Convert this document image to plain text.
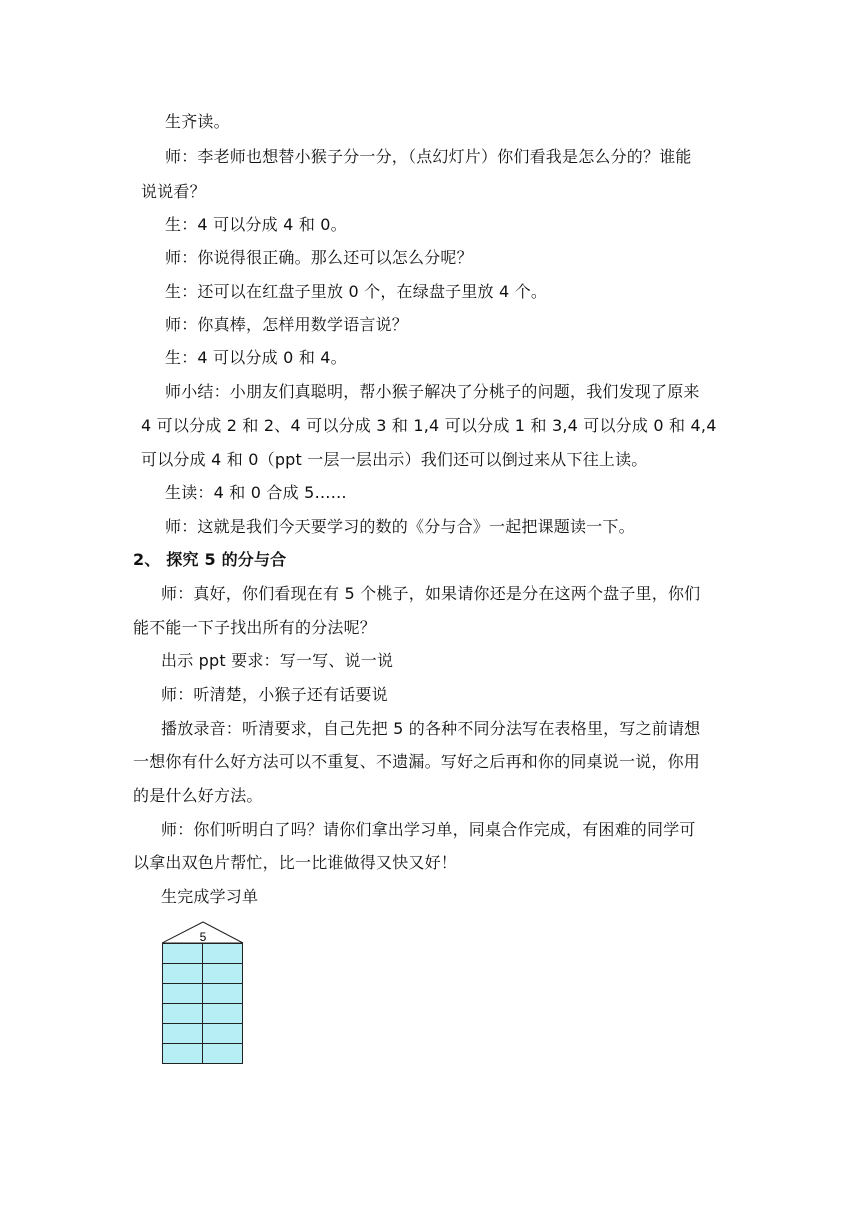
生齐读。
师：李老师也想替小猴子分一分，（点幻灯片）你们看我是怎么分的？谁能
说说看？
生：4 可以分成 4 和 0。
师：你说得很正确。那么还可以怎么分呢？
生：还可以在红盘子里放 0 个，在绿盘子里放 4 个。
师：你真棒，怎样用数学语言说？
生：4 可以分成 0 和 4。
师小结：小朋友们真聪明，帮小猴子解决了分桃子的问题，我们发现了原来
4 可以分成 2 和 2、4 可以分成 3 和 1,4 可以分成 1 和 3,4 可以分成 0 和 4,4
可以分成 4 和 0（ppt 一层一层出示）我们还可以倒过来从下往上读。
生读：4 和 0 合成 5……
师：这就是我们今天要学习的数的《分与合》一起把课题读一下。
2、 探究 5 的分与合
师：真好，你们看现在有 5 个桃子，如果请你还是分在这两个盘子里，你们
能不能一下子找出所有的分法呢？
出示 ppt 要求：写一写、说一说
师：听清楚，小猴子还有话要说
播放录音：听清要求，自己先把 5 的各种不同分法写在表格里，写之前请想
一想你有什么好方法可以不重复、不遗漏。写好之后再和你的同桌说一说，你用
的是什么好方法。
师：你们听明白了吗？请你们拿出学习单，同桌合作完成，有困难的同学可
以拿出双色片帮忙，比一比谁做得又快又好！
生完成学习单
5
